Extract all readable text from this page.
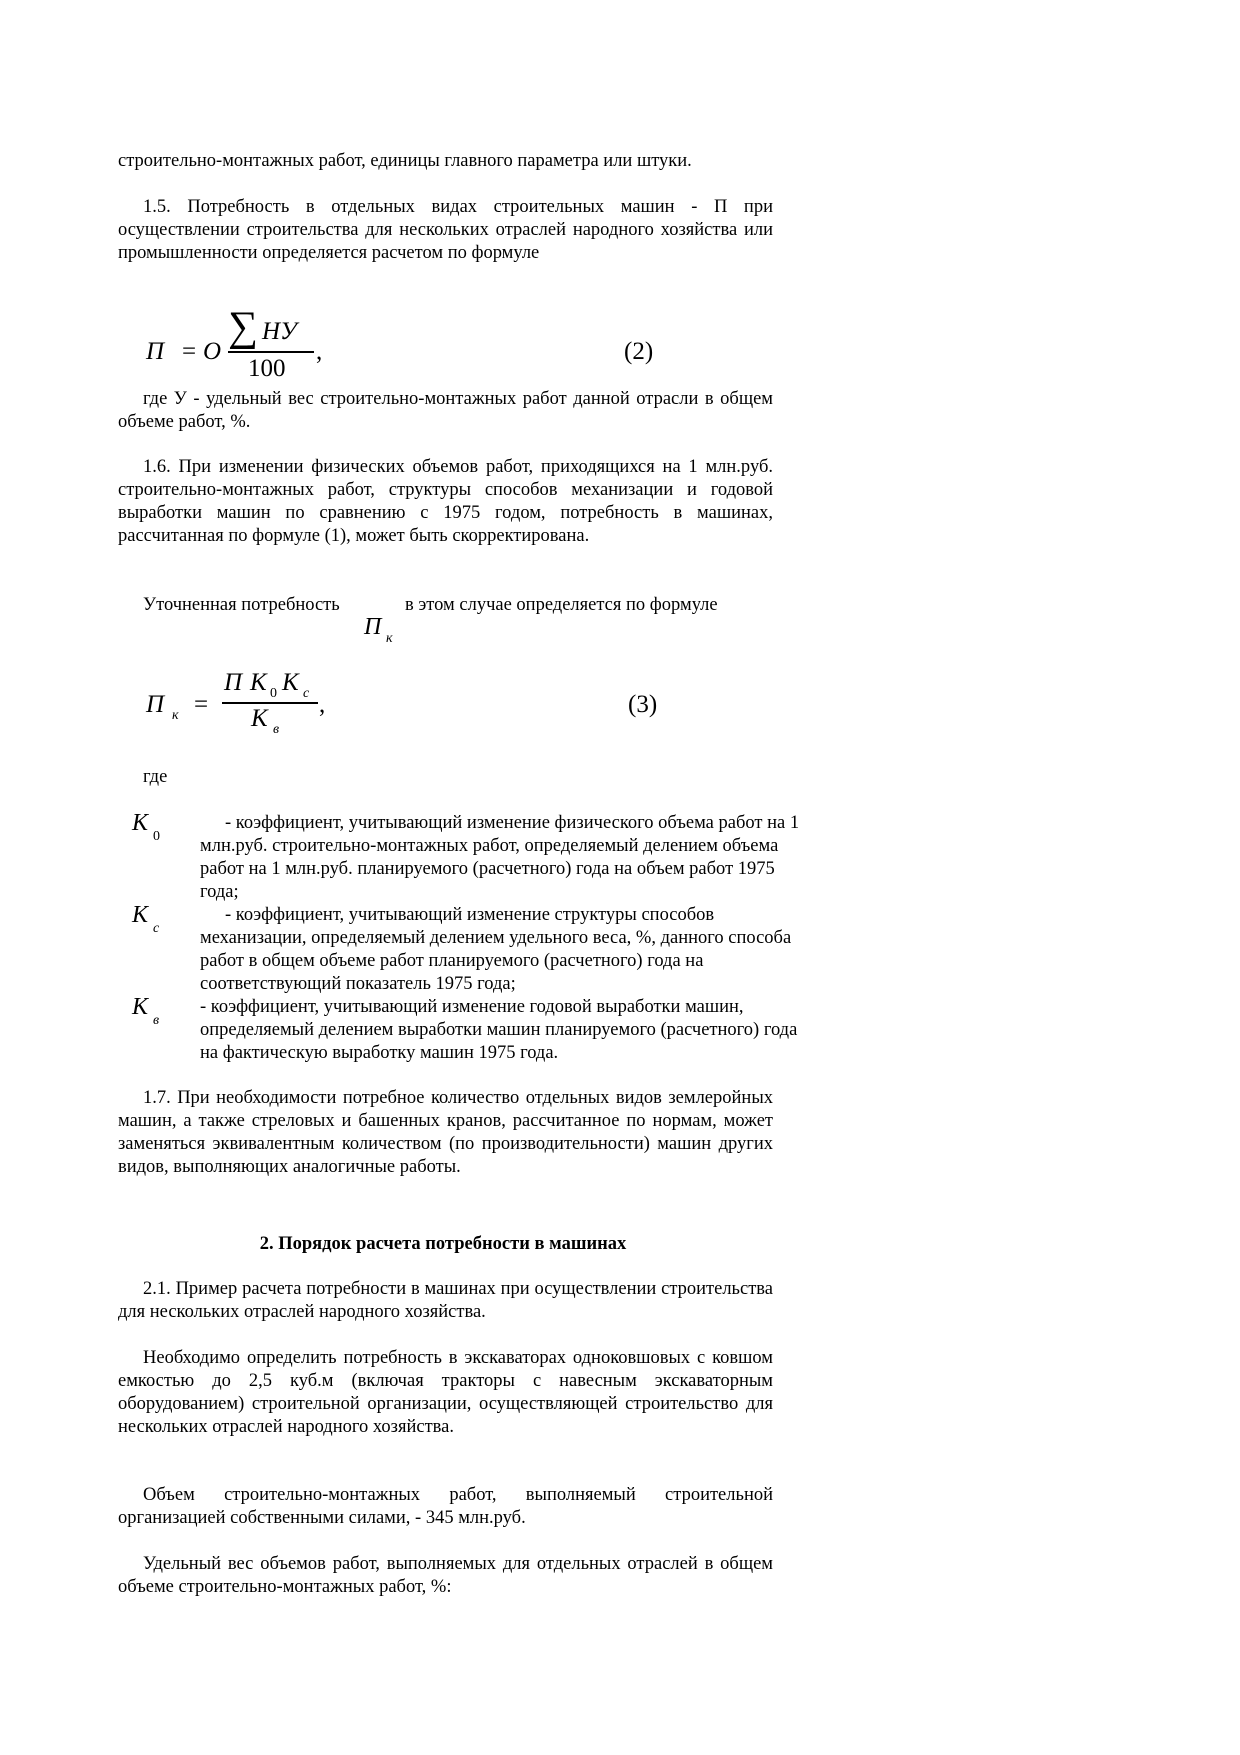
строительно-монтажных работ, единицы главного параметра или штуки.

1.5. Потребность в отдельных видах строительных машин - П при осуществлении строительства для нескольких отраслей народного хозяйства или промышленности определяется расчетом по формуле

П = О
∑ НУ
100
,	(2)

где У - удельный вес строительно-монтажных работ данной отрасли в общем объеме работ, %.

1.6. При изменении физических объемов работ, приходящихся на 1 млн.руб. строительно-монтажных работ, структуры способов механизации и годовой выработки машин по сравнению с 1975 годом, потребность в машинах, рассчитанная по формуле (1), может быть скорректирована.

Уточненная потребность	в этом случае определяется по формуле
П к
П к =
П К 0 К с
К в
,	(3)
где
К
0

- коэффициент, учитывающий изменение физического объема работ на 1 млн.руб. строительно-монтажных работ, определяемый делением объема работ на 1 млн.руб. планируемого (расчетного) года на объем работ 1975 года;

К
с

- коэффициент, учитывающий изменение структуры способов механизации, определяемый делением удельного веса, %, данного способа работ в общем объеме работ планируемого (расчетного) года на соответствующий показатель 1975 года;

К
в

- коэффициент, учитывающий изменение годовой выработки машин, определяемый делением выработки машин планируемого (расчетного) года на фактическую выработку машин 1975 года.

1.7. При необходимости потребное количество отдельных видов землеройных машин, а также стреловых и башенных кранов, рассчитанное по нормам, может заменяться эквивалентным количеством (по производительности) машин других видов, выполняющих аналогичные работы.

2. Порядок расчета потребности в машинах

2.1. Пример расчета потребности в машинах при осуществлении строительства для нескольких отраслей народного хозяйства.

Необходимо определить потребность в экскаваторах одноковшовых с ковшом емкостью до 2,5 куб.м (включая тракторы с навесным экскаваторным оборудованием) строительной организации, осуществляющей строительство для нескольких отраслей народного хозяйства.

Объем строительно-монтажных работ, выполняемый строительной организацией собственными силами, - 345 млн.руб.

Удельный вес объемов работ, выполняемых для отдельных отраслей в общем объеме строительно-монтажных работ, %:
